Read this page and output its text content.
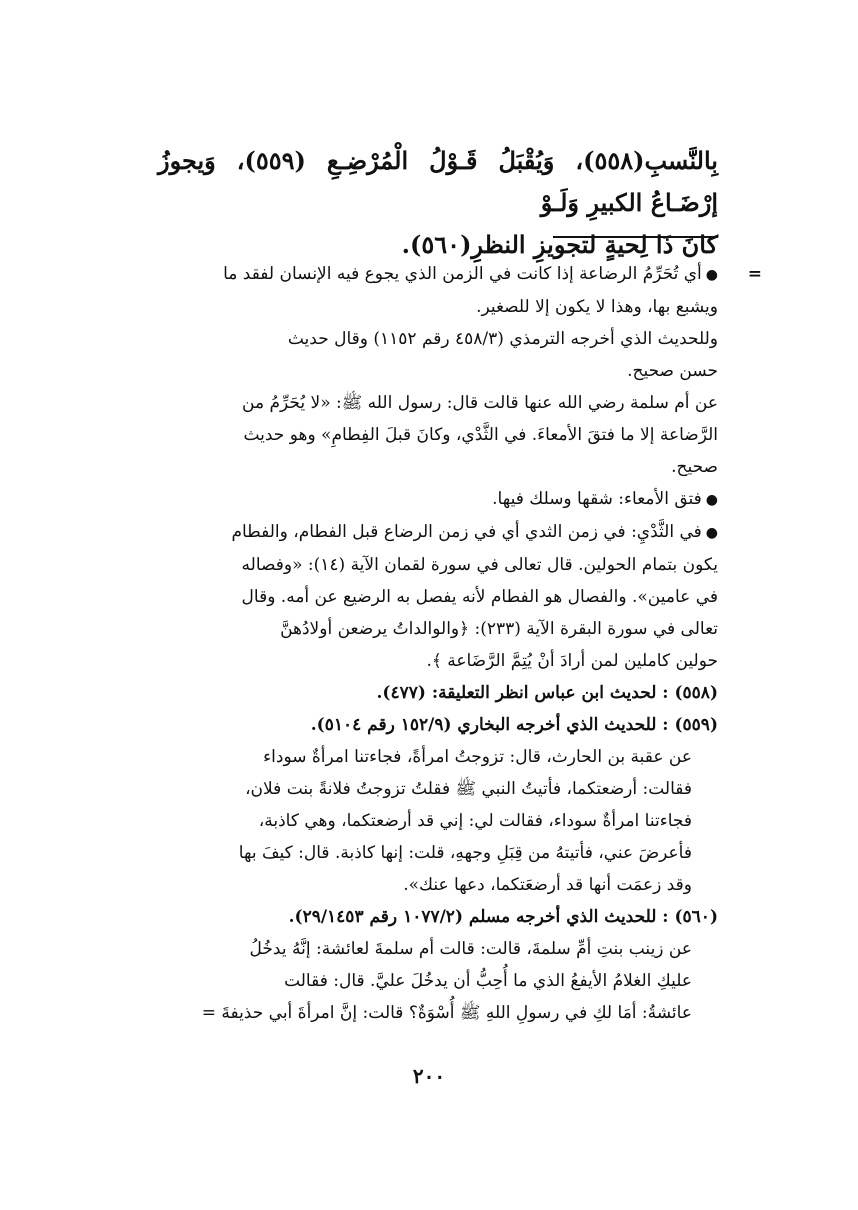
بِالنَّسبِ(٥٥٨)، وَيُقْبَلُ قَـوْلُ الْمُرْضِـعِ (٥٥٩)، وَيجوزُ إرْضَـاعُ الكبيرِ وَلَـوْ

كانَ ذَا لِحيةٍ لتجويزِ النظرِ(٥٦٠).

=

●أي تُحَرِّمُ الرضاعة إذا كانت في الزمن الذي يجوع فيه الإنسان لفقد ما

ويشبع بها، وهذا لا يكون إلا للصغير.

وللحديث الذي أخرجه الترمذي (٤٥٨/٣ رقم ١١٥٢) وقال حديث

حسن صحيح.

عن أم سلمة رضي الله عنها قالت قال: رسول الله ﷺ: «لا يُحَرِّمُ من

الرَّضاعة إلا ما فتقَ الأمعاءَ. في الثَّدْي، وكانَ قبلَ الفِطامِ» وهو حديث

صحيح.

●فتق الأمعاء: شقها وسلك فيها.

●في الثَّدْيِ: في زمن الثدي أي في زمن الرضاع قبل الفطام، والفطام

يكون بتمام الحولين. قال تعالى في سورة لقمان الآية (١٤): «وفصاله

في عامين». والفصال هو الفطام لأنه يفصل به الرضيع عن أمه. وقال

تعالى في سورة البقرة الآية (٢٣٣): ﴿والوالداتُ يرضعن أولادُهنَّ

حولين كاملين لمن أرادَ أنْ يُتِمَّ الرَّضَاعة ﴾.

(٥٥٨) : لحديث ابن عباس انظر التعليقة: (٤٧٧).

(٥٥٩) : للحديث الذي أخرجه البخاري (١٥٢/٩ رقم ٥١٠٤).

عن عقبة بن الحارث، قال: تزوجتُ امرأةً، فجاءتنا امرأةٌ سوداء

فقالت: أرضعتكما، فأتيتُ النبي ﷺ فقلتُ تزوجتُ فلانةً بنت فلان،

فجاءتنا امرأةٌ سوداء، فقالت لي: إني قد أرضعتكما، وهي كاذبة،

فأعرضَ عني، فأتيتهُ من قِبَلِ وجههِ، قلت: إنها كاذبة. قال: كيفَ بها

وقد زعمَت أنها قد أرضعَتكما، دعها عنك».

(٥٦٠) : للحديث الذي أخرجه مسلم (١٠٧٧/٢ رقم ٢٩/١٤٥٣).

عن زينب بنتِ أمِّ سلمةَ، قالت: قالت أم سلمةَ لعائشة: إنَّهُ يدخُلُ

عليكِ الغلامُ الأيفعُ الذي ما أُحِبُّ أن يدخُلَ عليَّ. قال: فقالت

عائشةُ: أمَا لكِ في رسولِ اللهِ ﷺ أُسْوَةٌ؟ قالت: إنَّ امرأةَ أبي حذيفةَ =

٢٠٠
